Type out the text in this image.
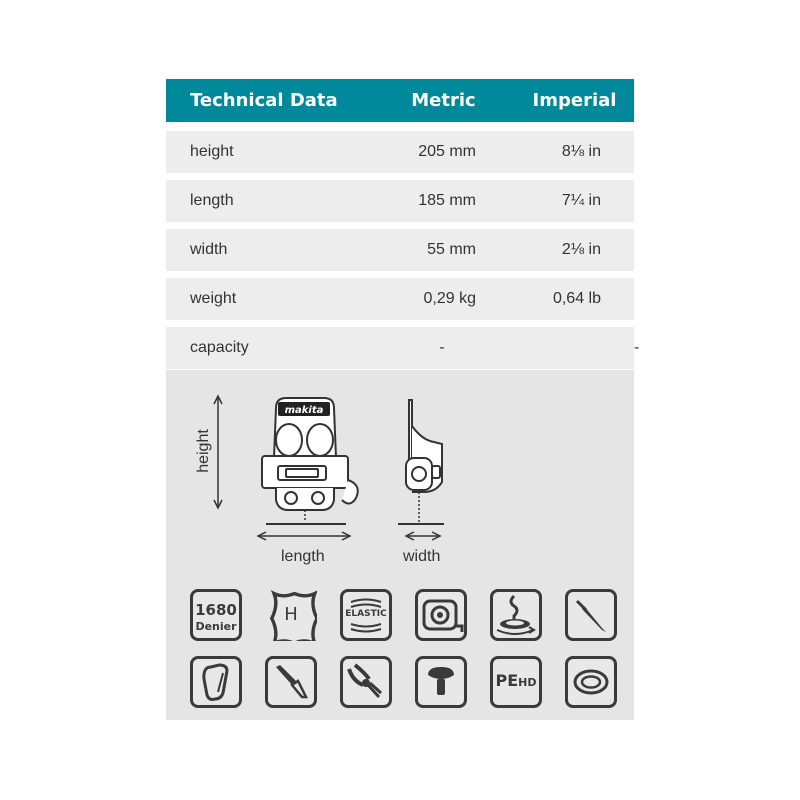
Technical Data	Metric	Imperial
height	205 mm	8⅛ in
length	185 mm	7¼ in
width	55 mm	2⅛ in
weight	0,29 kg	0,64 lb
capacity	-	-
makita
height
length	width
1680
Denier
H	ELASTIC
PEHD
